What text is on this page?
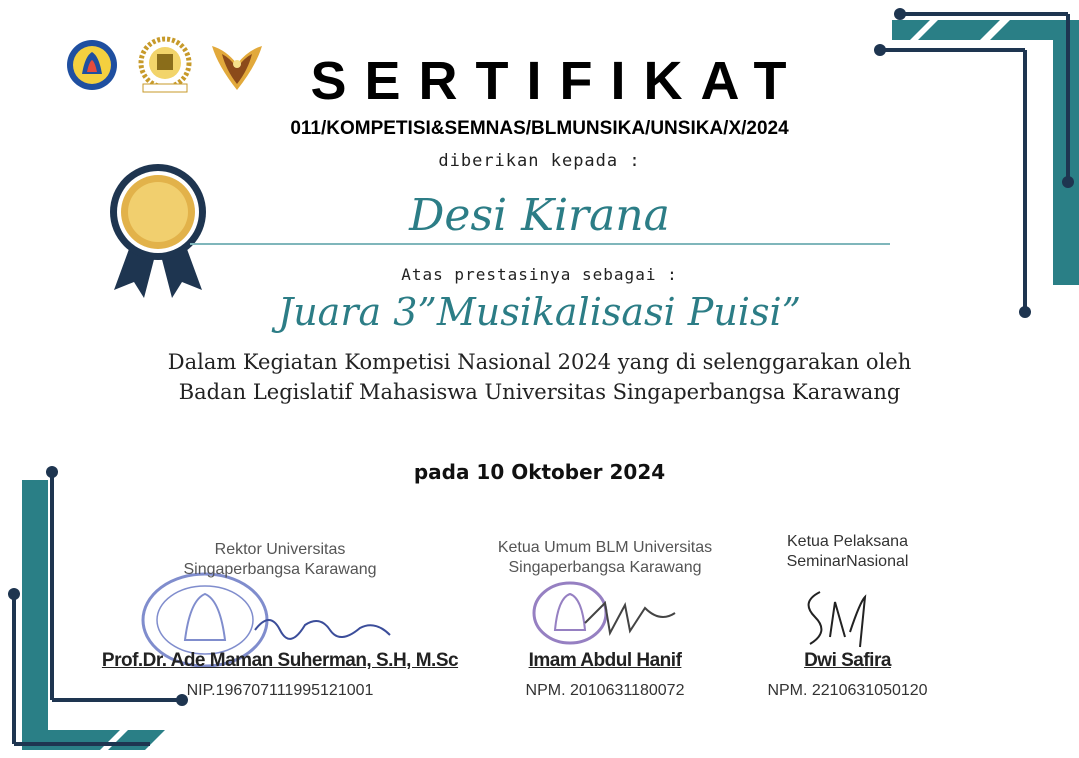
SERTIFIKAT
011/KOMPETISI&SEMNAS/BLMUNSIKA/UNSIKA/X/2024
diberikan kepada :
Desi Kirana
Atas prestasinya sebagai :
Juara 3”Musikalisasi Puisi”
Dalam Kegiatan Kompetisi Nasional 2024 yang di selenggarakan oleh
Badan Legislatif Mahasiswa Universitas Singaperbangsa Karawang
pada 10 Oktober 2024
Rektor Universitas
Singaperbangsa Karawang
Prof.Dr. Ade Maman Suherman, S.H, M.Sc
NIP.196707111995121001
Ketua Umum BLM Universitas
Singaperbangsa Karawang
Imam Abdul Hanif
NPM. 2010631180072
Ketua Pelaksana
SeminarNasional
Dwi Safira
NPM. 2210631050120
